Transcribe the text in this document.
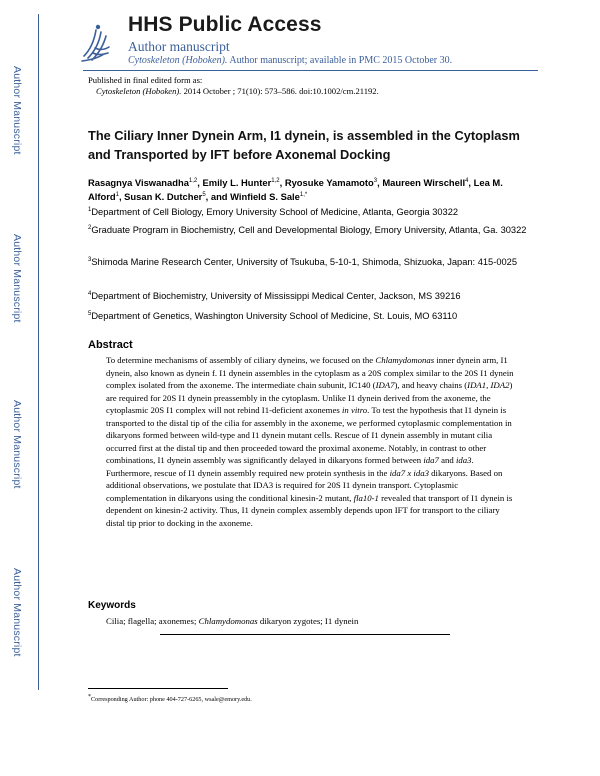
Author Manuscript
Author Manuscript
Author Manuscript
Author Manuscript
HHS Public Access
Author manuscript
Cytoskeleton (Hoboken). Author manuscript; available in PMC 2015 October 30.
Published in final edited form as:
Cytoskeleton (Hoboken). 2014 October ; 71(10): 573–586. doi:10.1002/cm.21192.
The Ciliary Inner Dynein Arm, I1 dynein, is assembled in the Cytoplasm and Transported by IFT before Axonemal Docking
Rasagnya Viswanadha$^{1,2}$, Emily L. Hunter$^{1,2}$, Ryosuke Yamamoto$^3$, Maureen Wirschell$^4$, Lea M. Alford$^1$, Susan K. Dutcher$^5$, and Winfield S. Sale$^{1,*}$
$^1$Department of Cell Biology, Emory University School of Medicine, Atlanta, Georgia 30322
$^2$Graduate Program in Biochemistry, Cell and Developmental Biology, Emory University, Atlanta, Ga. 30322
$^3$Shimoda Marine Research Center, University of Tsukuba, 5-10-1, Shimoda, Shizuoka, Japan: 415-0025
$^4$Department of Biochemistry, University of Mississippi Medical Center, Jackson, MS 39216
$^5$Department of Genetics, Washington University School of Medicine, St. Louis, MO 63110
Abstract
To determine mechanisms of assembly of ciliary dyneins, we focused on the Chlamydomonas inner dynein arm, I1 dynein, also known as dynein f. I1 dynein assembles in the cytoplasm as a 20S complex similar to the 20S I1 dynein complex isolated from the axoneme. The intermediate chain subunit, IC140 (IDA7), and heavy chains (IDA1, IDA2) are required for 20S I1 dynein preassembly in the cytoplasm. Unlike I1 dynein derived from the axoneme, the cytoplasmic 20S I1 complex will not rebind I1-deficient axonemes in vitro. To test the hypothesis that I1 dynein is transported to the distal tip of the cilia for assembly in the axoneme, we performed cytoplasmic complementation in dikaryons formed between wild-type and I1 dynein mutant cells. Rescue of I1 dynein assembly in mutant cilia occurred first at the distal tip and then proceeded toward the proximal axoneme. Notably, in contrast to other combinations, I1 dynein assembly was significantly delayed in dikaryons formed between ida7 and ida3. Furthermore, rescue of I1 dynein assembly required new protein synthesis in the ida7 x ida3 dikaryons. Based on additional observations, we postulate that IDA3 is required for 20S I1 dynein transport. Cytoplasmic complementation in dikaryons using the conditional kinesin-2 mutant, fla10-1 revealed that transport of I1 dynein is dependent on kinesin-2 activity. Thus, I1 dynein complex assembly depends upon IFT for transport to the ciliary distal tip prior to docking in the axoneme.
Keywords
Cilia; flagella; axonemes; Chlamydomonas dikaryon zygotes; I1 dynein
*Corresponding Author: phone 404-727-6265, wsale@emory.edu.
